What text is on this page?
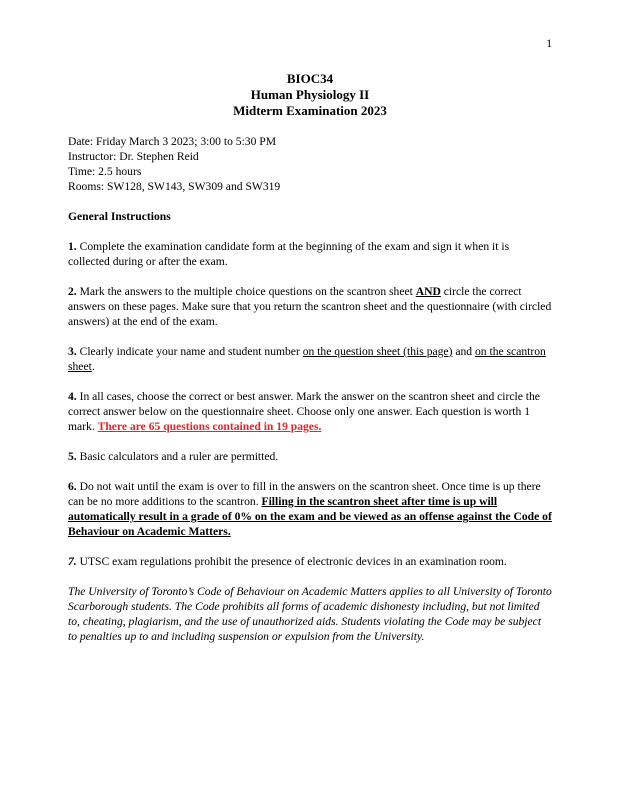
1
BIOC34
Human Physiology II
Midterm Examination 2023
Date: Friday March 3 2023; 3:00 to 5:30 PM
Instructor: Dr. Stephen Reid
Time: 2.5 hours
Rooms: SW128, SW143, SW309 and SW319
General Instructions
1. Complete the examination candidate form at the beginning of the exam and sign it when it is collected during or after the exam.
2. Mark the answers to the multiple choice questions on the scantron sheet AND circle the correct answers on these pages. Make sure that you return the scantron sheet and the questionnaire (with circled answers) at the end of the exam.
3. Clearly indicate your name and student number on the question sheet (this page) and on the scantron sheet.
4. In all cases, choose the correct or best answer. Mark the answer on the scantron sheet and circle the correct answer below on the questionnaire sheet. Choose only one answer. Each question is worth 1 mark. There are 65 questions contained in 19 pages.
5. Basic calculators and a ruler are permitted.
6. Do not wait until the exam is over to fill in the answers on the scantron sheet. Once time is up there can be no more additions to the scantron. Filling in the scantron sheet after time is up will automatically result in a grade of 0% on the exam and be viewed as an offense against the Code of Behaviour on Academic Matters.
7. UTSC exam regulations prohibit the presence of electronic devices in an examination room.
The University of Toronto’s Code of Behaviour on Academic Matters applies to all University of Toronto Scarborough students. The Code prohibits all forms of academic dishonesty including, but not limited to, cheating, plagiarism, and the use of unauthorized aids. Students violating the Code may be subject to penalties up to and including suspension or expulsion from the University.
